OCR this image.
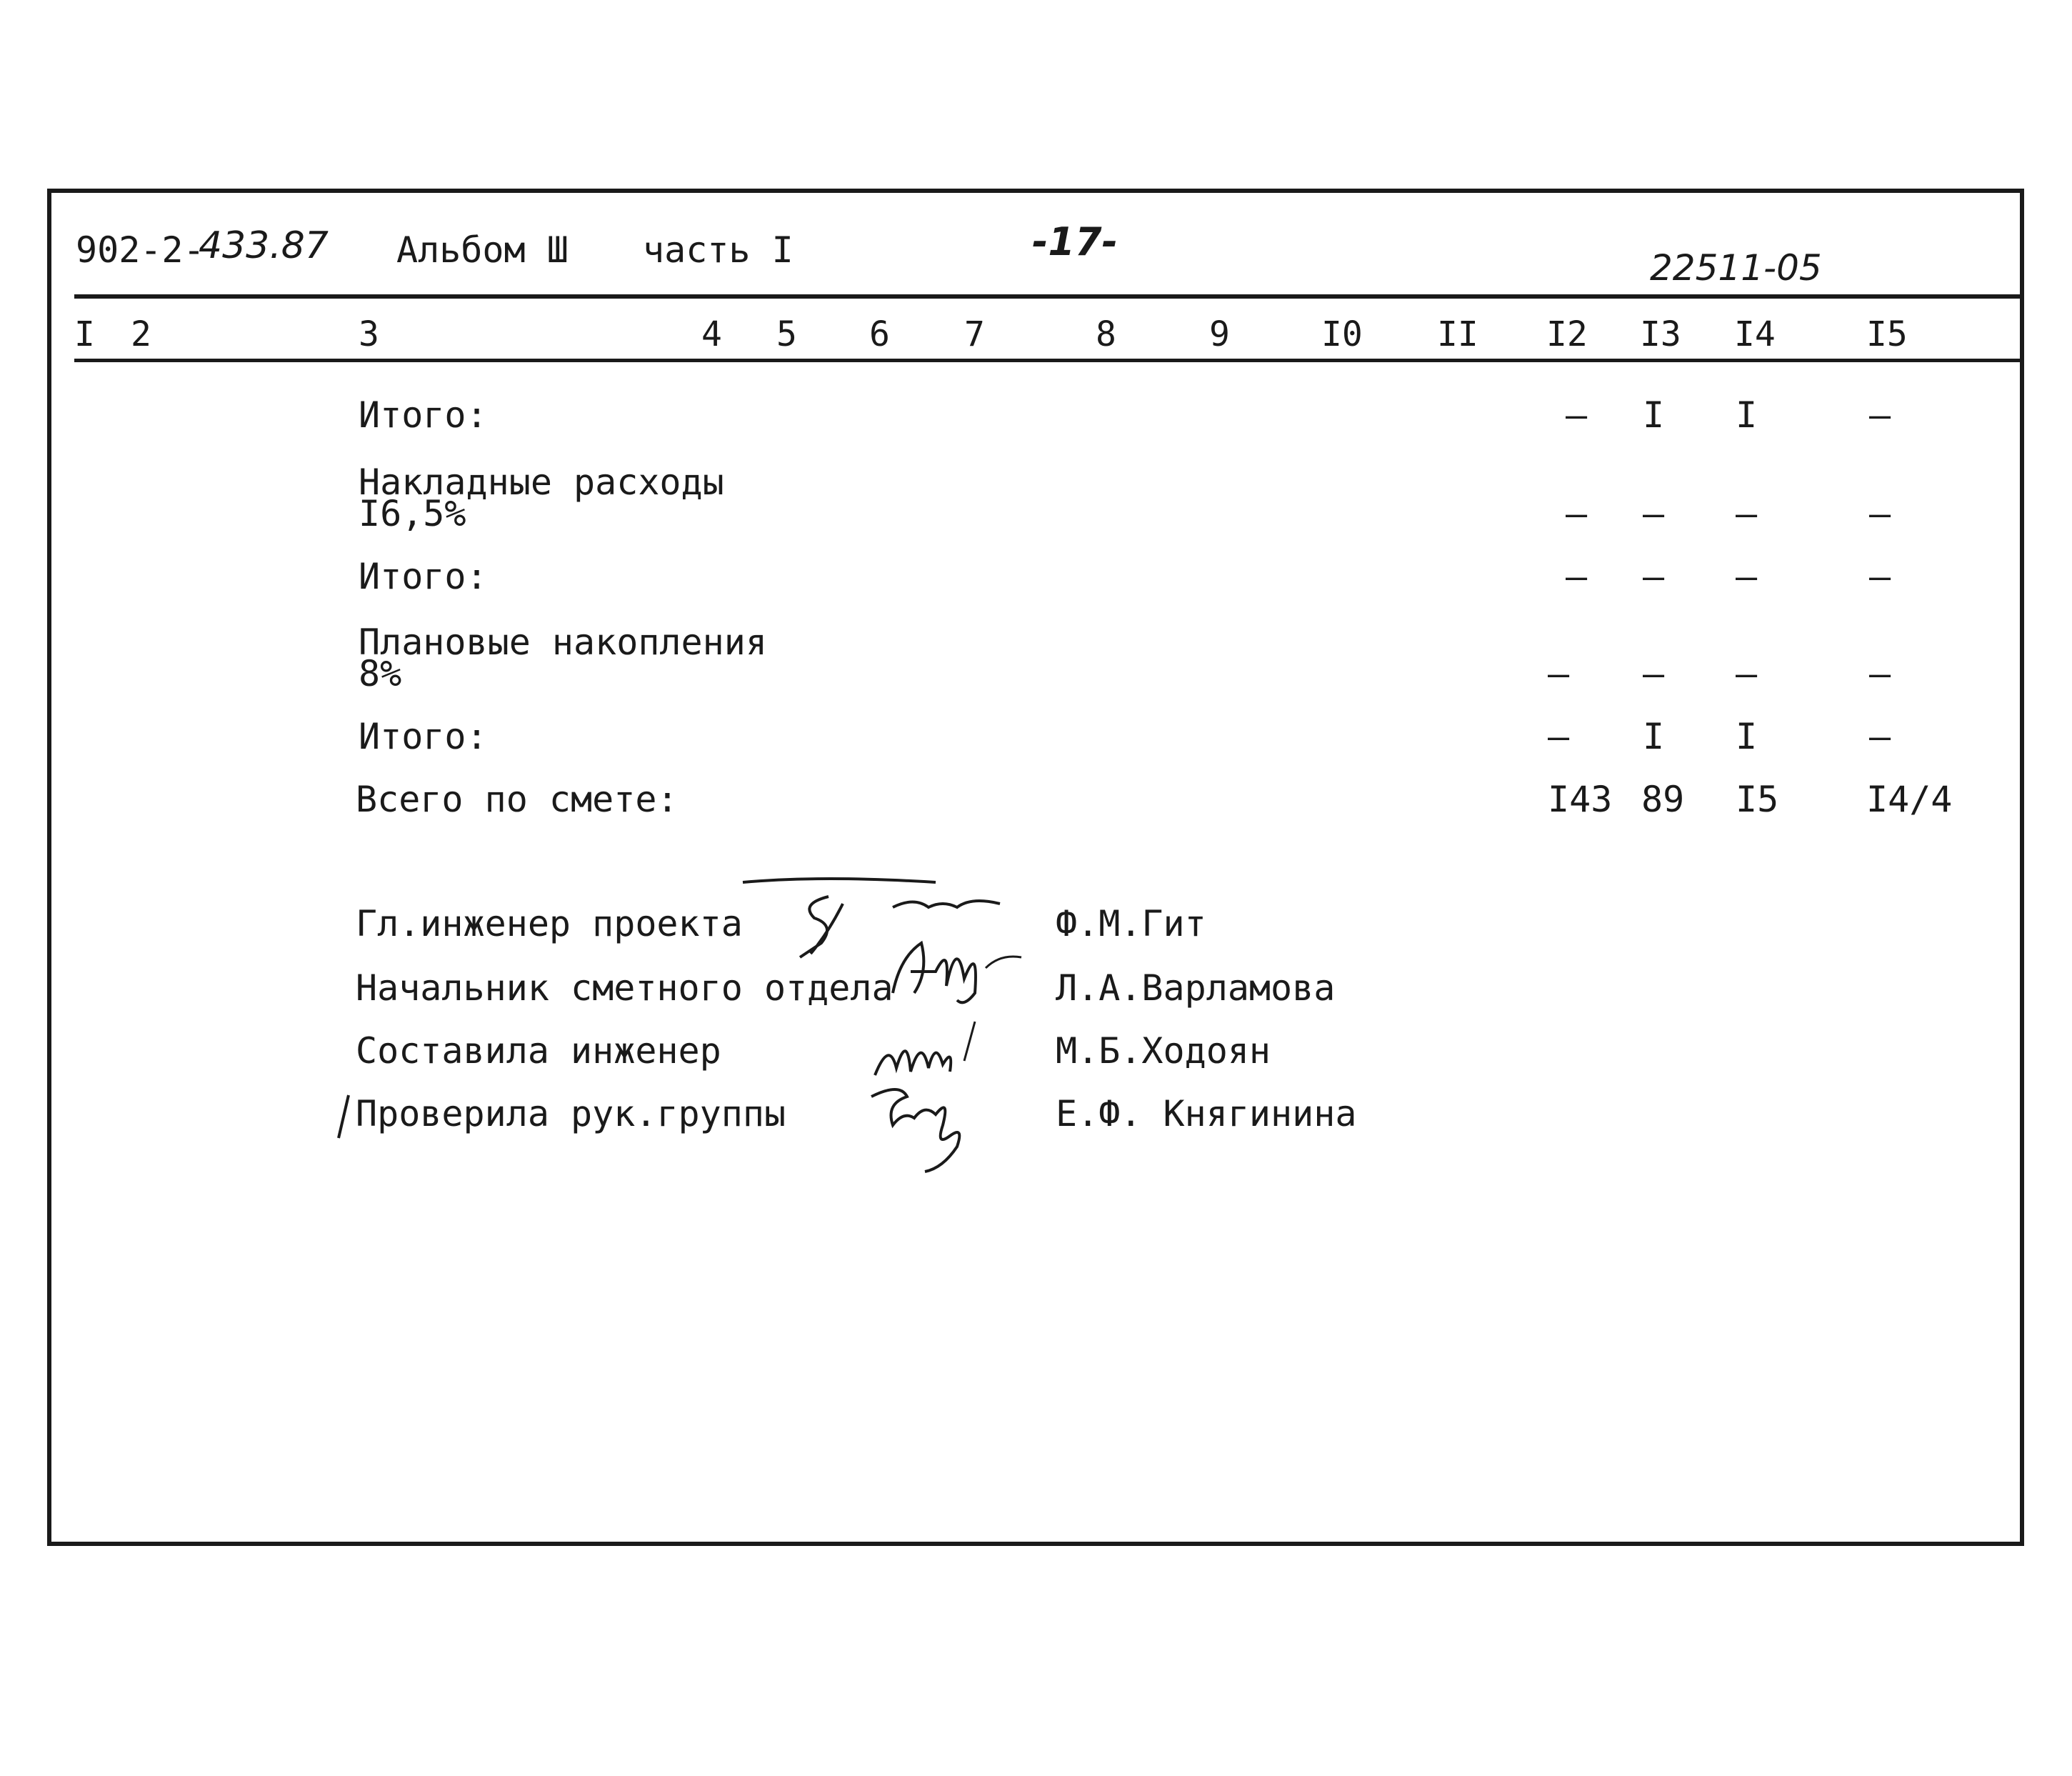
902-2-
433.87 Альбом Ш часть I	-17-
22511-05
I 2	3	4 5 6 7	8	9	I0 II I2 I3 I4	I5
Итого:	– I I	–
Накладные расходы
I6,5%	– – –	–
Итого:	– – –	–
Плановые накопления
8%	– – –	–
Итого:	– I I	–
Всего по смете:	I43 89 I5 I4/4
Гл.инженер проекта	Ф.М.Гит
Начальник сметного отдела	Л.А.Варламова
Составила инженер	М.Б.Ходоян
Проверила рук.группы	Е.Ф. Княгинина
